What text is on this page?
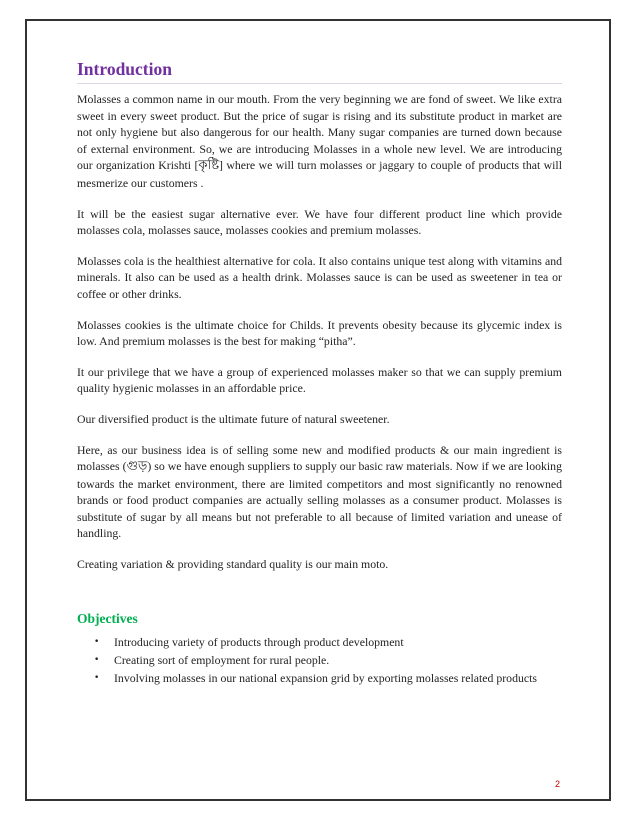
Introduction

Molasses a common name in our mouth. From the very beginning we are fond of sweet. We like extra sweet in every sweet product. But the price of sugar is rising and its substitute product in market are not only hygiene but also dangerous for our health. Many sugar companies are turned down because of external environment. So, we are introducing Molasses in a whole new level. We are introducing our organization Krishti [কৃষ্টি] where we will turn molasses or jaggary to couple of products that will mesmerize our customers .

It will be the easiest sugar alternative ever. We have four different product line which provide molasses cola, molasses sauce, molasses cookies and premium molasses.

Molasses cola is the healthiest alternative for cola. It also contains unique test along with vitamins and minerals. It also can be used as a health drink. Molasses sauce is can be used as sweetener in tea or coffee or other drinks.

Molasses cookies is the ultimate choice for Childs. It prevents obesity because its glycemic index is low. And premium molasses is the best for making “pitha”.

It our privilege that we have a group of experienced molasses maker so that we can supply premium quality hygienic molasses in an affordable price.

Our diversified product is the ultimate future of natural sweetener.

Here, as our business idea is of selling some new and modified products & our main ingredient is molasses (গুড়) so we have enough suppliers to supply our basic raw materials. Now if we are looking towards the market environment, there are limited competitors and most significantly no renowned brands or food product companies are actually selling molasses as a consumer product. Molasses is substitute of sugar by all means but not preferable to all because of limited variation and unease of handling.

Creating variation & providing standard quality is our main moto.

Objectives
• Introducing variety of products through product development
• Creating sort of employment for rural people.
• Involving molasses in our national expansion grid by exporting molasses related products
2
